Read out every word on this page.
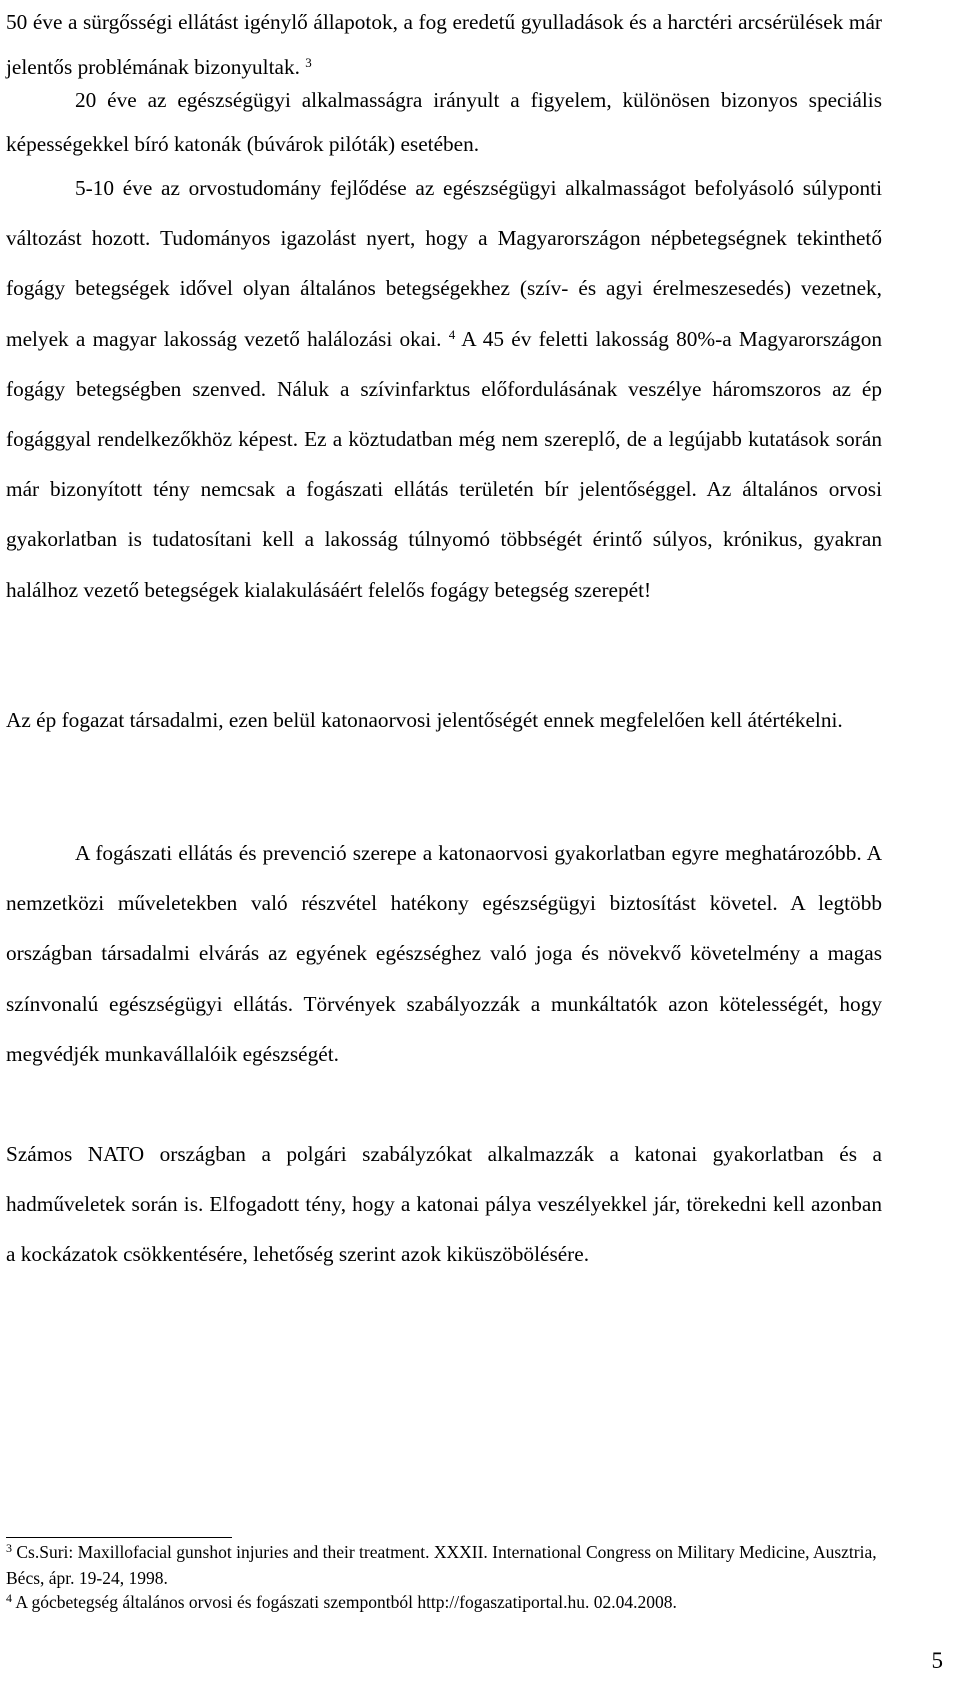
50 éve a sürgősségi ellátást igénylő állapotok, a fog eredetű gyulladások és a harctéri arcsérülések már jelentős problémának bizonyultak. $^3$

20 éve az egészségügyi alkalmasságra irányult a figyelem, különösen bizonyos speciális képességekkel bíró katonák (búvárok pilóták) esetében.

5-10 éve az orvostudomány fejlődése az egészségügyi alkalmasságot befolyásoló súlyponti változást hozott. Tudományos igazolást nyert, hogy a Magyarországon népbetegségnek tekinthető fogágy betegségek idővel olyan általános betegségekhez (szív- és agyi érelmeszesedés) vezetnek, melyek a magyar lakosság vezető halálozási okai. $^4$ A 45 év feletti lakosság 80%-a Magyarországon fogágy betegségben szenved. Náluk a szívinfarktus előfordulásának veszélye háromszoros az ép fogággyal rendelkezőkhöz képest. Ez a köztudatban még nem szereplő, de a legújabb kutatások során már bizonyított tény nemcsak a fogászati ellátás területén bír jelentőséggel. Az általános orvosi gyakorlatban is tudatosítani kell a lakosság túlnyomó többségét érintő súlyos, krónikus, gyakran halálhoz vezető betegségek kialakulásáért felelős fogágy betegség szerepét!

Az ép fogazat társadalmi, ezen belül katonaorvosi jelentőségét ennek megfelelően kell átértékelni.

A fogászati ellátás és prevenció szerepe a katonaorvosi gyakorlatban egyre meghatározóbb. A nemzetközi műveletekben való részvétel hatékony egészségügyi biztosítást követel. A legtöbb országban társadalmi elvárás az egyének egészséghez való joga és növekvő követelmény a magas színvonalú egészségügyi ellátás. Törvények szabályozzák a munkáltatók azon kötelességét, hogy megvédjék munkavállalóik egészségét.

Számos NATO országban a polgári szabályzókat alkalmazzák a katonai gyakorlatban és a hadműveletek során is. Elfogadott tény, hogy a katonai pálya veszélyekkel jár, törekedni kell azonban a kockázatok csökkentésére, lehetőség szerint azok kiküszöbölésére.

$^3$ Cs.Suri: Maxillofacial gunshot injuries and their treatment. XXXII. International Congress on Military Medicine, Ausztria, Bécs, ápr. 19-24, 1998.

$^4$ A gócbetegség általános orvosi és fogászati szempontból http://fogaszatiportal.hu. 02.04.2008.

5
